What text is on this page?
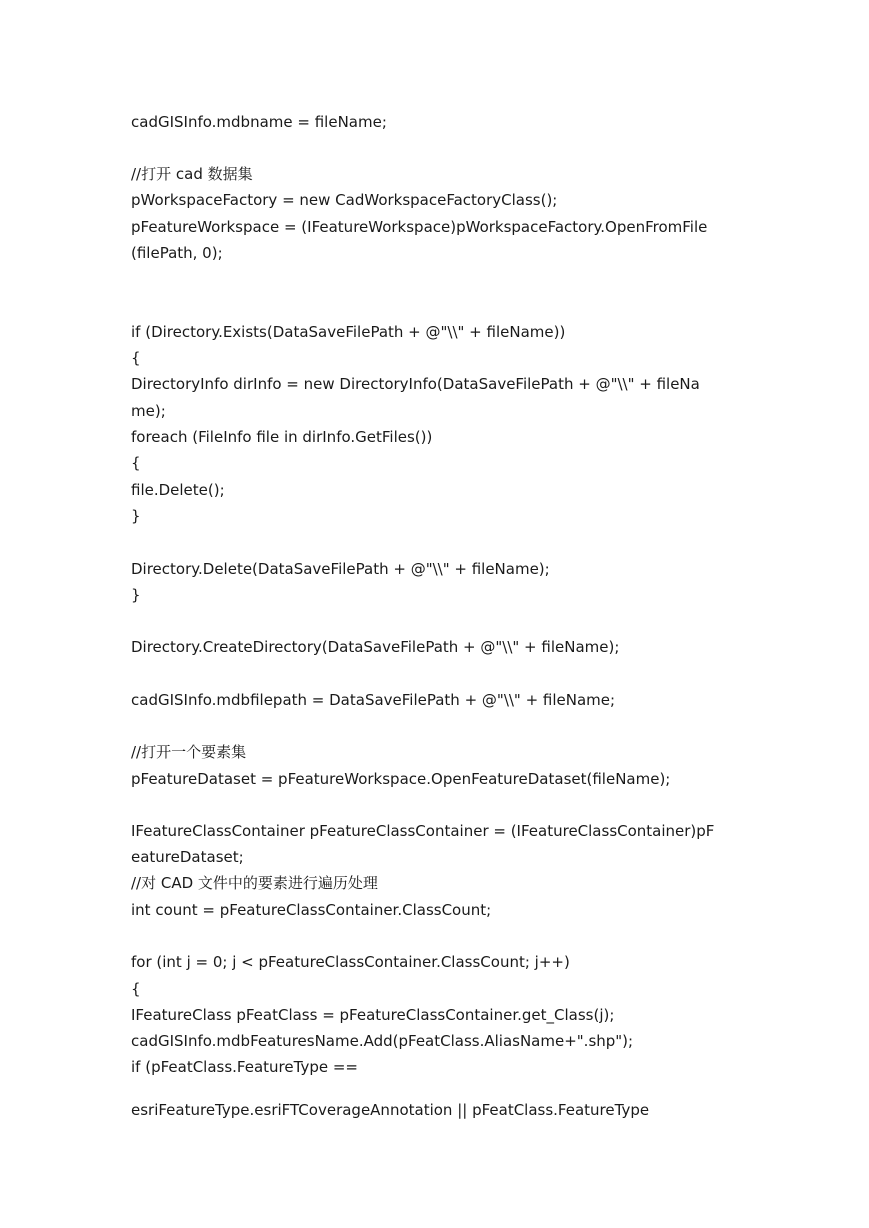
cadGISInfo.mdbname = fileName;
//打开 cad 数据集
pWorkspaceFactory = new CadWorkspaceFactoryClass();
pFeatureWorkspace = (IFeatureWorkspace)pWorkspaceFactory.OpenFromFile
(filePath, 0);
if (Directory.Exists(DataSaveFilePath + @"\\" + fileName))
{
DirectoryInfo dirInfo = new DirectoryInfo(DataSaveFilePath + @"\\" + fileNa
me);
foreach (FileInfo file in dirInfo.GetFiles())
{
file.Delete();
}
Directory.Delete(DataSaveFilePath + @"\\" + fileName);
}
Directory.CreateDirectory(DataSaveFilePath + @"\\" + fileName);
cadGISInfo.mdbfilepath = DataSaveFilePath + @"\\" + fileName;
//打开一个要素集
pFeatureDataset = pFeatureWorkspace.OpenFeatureDataset(fileName);
IFeatureClassContainer pFeatureClassContainer = (IFeatureClassContainer)pF
eatureDataset;
//对 CAD 文件中的要素进行遍历处理
int count = pFeatureClassContainer.ClassCount;
for (int j = 0; j < pFeatureClassContainer.ClassCount; j++)
{
IFeatureClass pFeatClass = pFeatureClassContainer.get_Class(j);
cadGISInfo.mdbFeaturesName.Add(pFeatClass.AliasName+".shp");
if (pFeatClass.FeatureType ==
esriFeatureType.esriFTCoverageAnnotation || pFeatClass.FeatureType
